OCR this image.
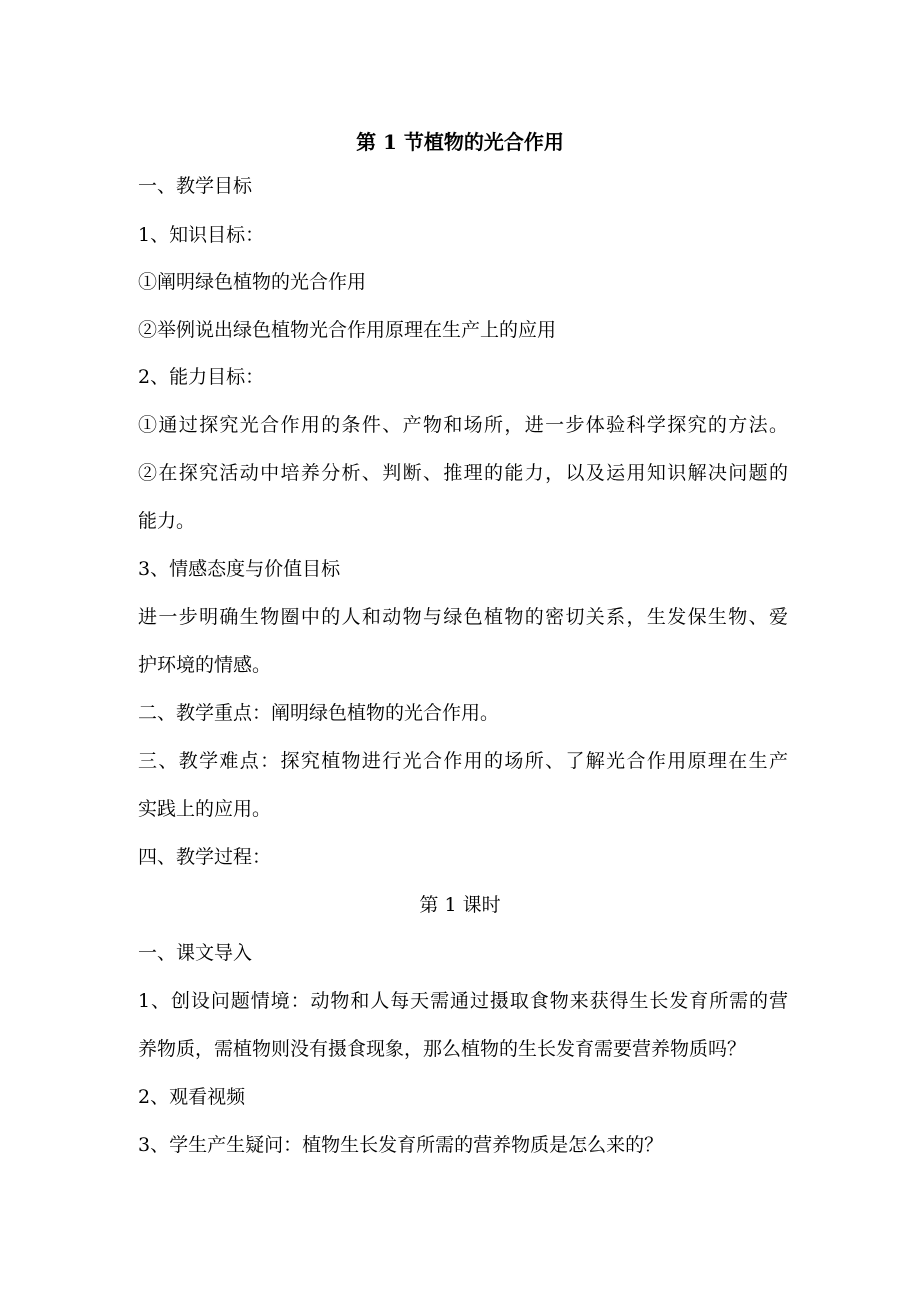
第 1 节植物的光合作用
一、教学目标
1、知识目标：
①阐明绿色植物的光合作用
②举例说出绿色植物光合作用原理在生产上的应用
2、能力目标：
①通过探究光合作用的条件、产物和场所，进一步体验科学探究的方法。
②在探究活动中培养分析、判断、推理的能力，以及运用知识解决问题的
能力。
3、情感态度与价值目标
进一步明确生物圈中的人和动物与绿色植物的密切关系，生发保生物、爱
护环境的情感。
二、教学重点：阐明绿色植物的光合作用。
三、教学难点：探究植物进行光合作用的场所、了解光合作用原理在生产
实践上的应用。
四、教学过程：
第 1 课时
一、课文导入
1、创设问题情境：动物和人每天需通过摄取食物来获得生长发育所需的营
养物质，需植物则没有摄食现象，那么植物的生长发育需要营养物质吗？
2、观看视频
3、学生产生疑问：植物生长发育所需的营养物质是怎么来的？
